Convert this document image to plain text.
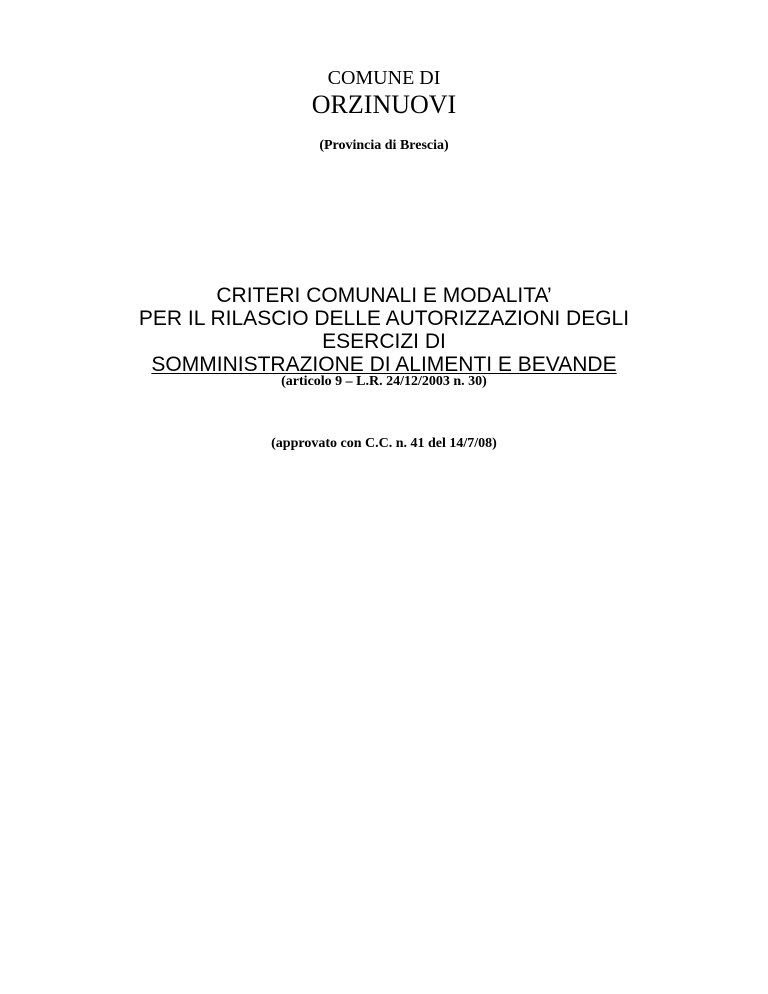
COMUNE DI
ORZINUOVI
(Provincia di Brescia)
CRITERI COMUNALI E MODALITA’
PER IL RILASCIO DELLE AUTORIZZAZIONI DEGLI
ESERCIZI DI
SOMMINISTRAZIONE DI ALIMENTI E BEVANDE
(articolo 9 – L.R. 24/12/2003 n. 30)
(approvato con C.C. n. 41 del 14/7/08)
